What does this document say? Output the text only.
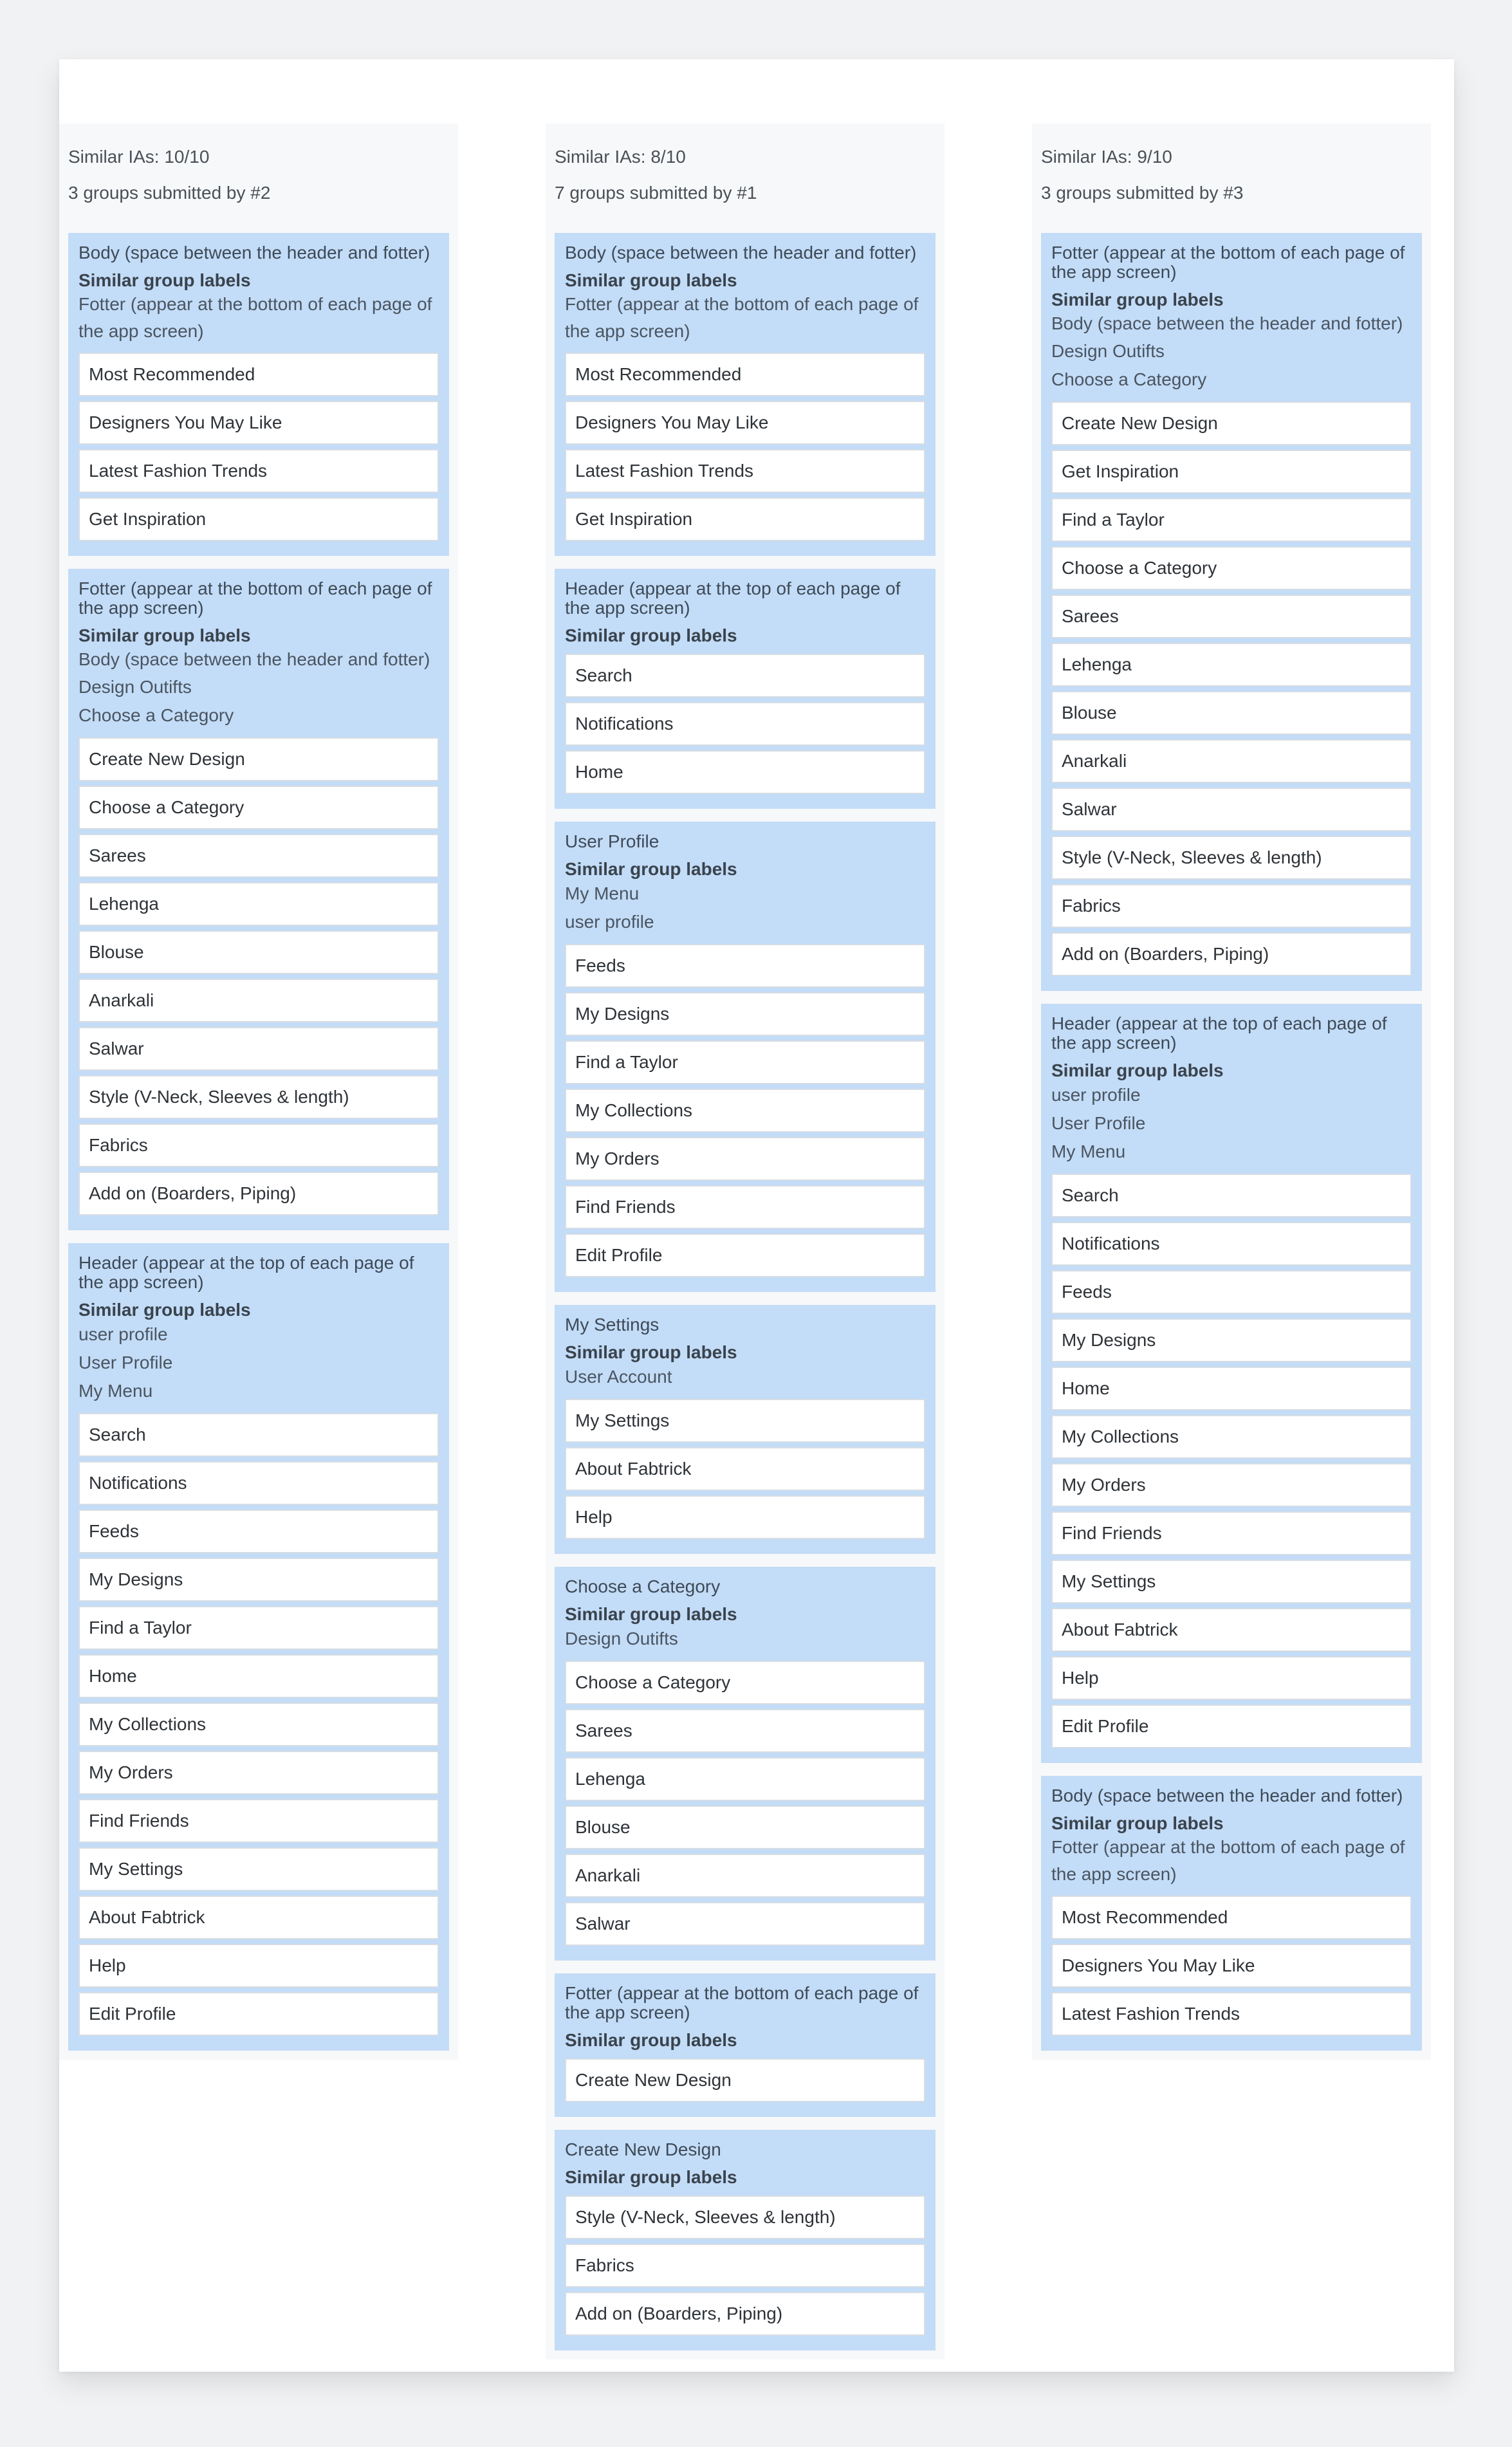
Similar IAs: 10/10
3 groups submitted by #2
Body (space between the header and fotter)
Similar group labels
Fotter (appear at the bottom of each page of the app screen)
Most Recommended
Designers You May Like
Latest Fashion Trends
Get Inspiration
Fotter (appear at the bottom of each page of the app screen)
Similar group labels
Body (space between the header and fotter)
Design Outifts
Choose a Category
Create New Design
Choose a Category
Sarees
Lehenga
Blouse
Anarkali
Salwar
Style (V-Neck, Sleeves & length)
Fabrics
Add on (Boarders, Piping)
Header (appear at the top of each page of the app screen)
Similar group labels
user profile
User Profile
My Menu
Search
Notifications
Feeds
My Designs
Find a Taylor
Home
My Collections
My Orders
Find Friends
My Settings
About Fabtrick
Help
Edit Profile
Similar IAs: 8/10
7 groups submitted by #1
Body (space between the header and fotter)
Similar group labels
Fotter (appear at the bottom of each page of the app screen)
Most Recommended
Designers You May Like
Latest Fashion Trends
Get Inspiration
Header (appear at the top of each page of the app screen)
Similar group labels
Search
Notifications
Home
User Profile
Similar group labels
My Menu
user profile
Feeds
My Designs
Find a Taylor
My Collections
My Orders
Find Friends
Edit Profile
My Settings
Similar group labels
User Account
My Settings
About Fabtrick
Help
Choose a Category
Similar group labels
Design Outifts
Choose a Category
Sarees
Lehenga
Blouse
Anarkali
Salwar
Fotter (appear at the bottom of each page of the app screen)
Similar group labels
Create New Design
Create New Design
Similar group labels
Style (V-Neck, Sleeves & length)
Fabrics
Add on (Boarders, Piping)
Similar IAs: 9/10
3 groups submitted by #3
Fotter (appear at the bottom of each page of the app screen)
Similar group labels
Body (space between the header and fotter)
Design Outifts
Choose a Category
Create New Design
Get Inspiration
Find a Taylor
Choose a Category
Sarees
Lehenga
Blouse
Anarkali
Salwar
Style (V-Neck, Sleeves & length)
Fabrics
Add on (Boarders, Piping)
Header (appear at the top of each page of the app screen)
Similar group labels
user profile
User Profile
My Menu
Search
Notifications
Feeds
My Designs
Home
My Collections
My Orders
Find Friends
My Settings
About Fabtrick
Help
Edit Profile
Body (space between the header and fotter)
Similar group labels
Fotter (appear at the bottom of each page of the app screen)
Most Recommended
Designers You May Like
Latest Fashion Trends
